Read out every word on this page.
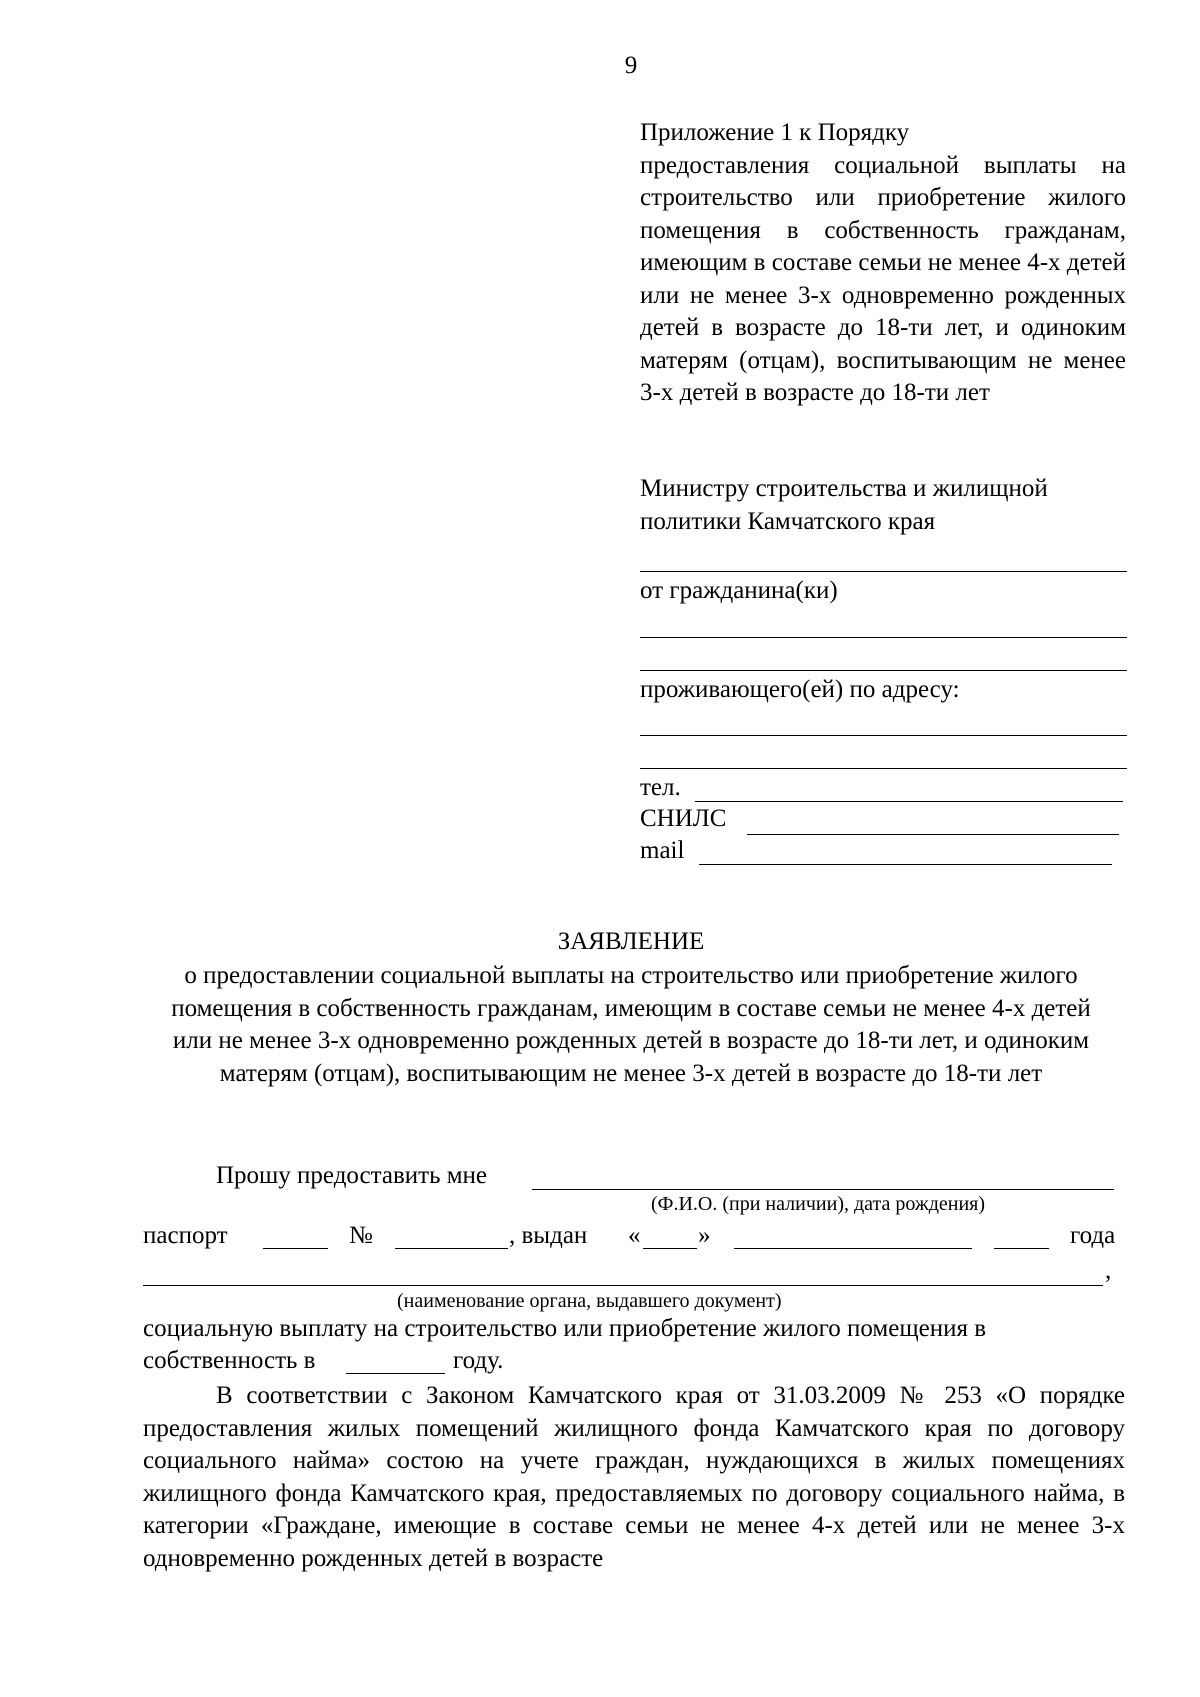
9
Приложение 1 к Порядку
предоставления социальной выплаты на строительство или приобретение жилого помещения в собственность гражданам, имеющим в составе семьи не менее 4-х детей или не менее 3-х одновременно рожденных детей в возрасте до 18-ти лет, и одиноким матерям (отцам), воспитывающим не менее 3-х детей в возрасте до 18-ти лет
Министру строительства и жилищной политики Камчатского края
от гражданина(ки)
проживающего(ей) по адресу:
тел.
СНИЛС
mail
ЗАЯВЛЕНИЕ
о предоставлении социальной выплаты на строительство или приобретение жилого помещения в собственность гражданам, имеющим в составе семьи не менее 4-х детей или не менее 3-х одновременно рожденных детей в возрасте до 18-ти лет, и одиноким матерям (отцам), воспитывающим не менее 3-х детей в возрасте до 18-ти лет
Прошу предоставить мне
(Ф.И.О. (при наличии), дата рождения)
паспорт	№	, выдан « »	года
,
(наименование органа, выдавшего документ)
социальную выплату на строительство или приобретение жилого помещения в
собственность в	году.
В соответствии с Законом Камчатского края от 31.03.2009 № 253 «О порядке предоставления жилых помещений жилищного фонда Камчатского края по договору социального найма» состою на учете граждан, нуждающихся в жилых помещениях жилищного фонда Камчатского края, предоставляемых по договору социального найма, в категории «Граждане, имеющие в составе семьи не менее 4-х детей или не менее 3-х одновременно рожденных детей в возрасте
